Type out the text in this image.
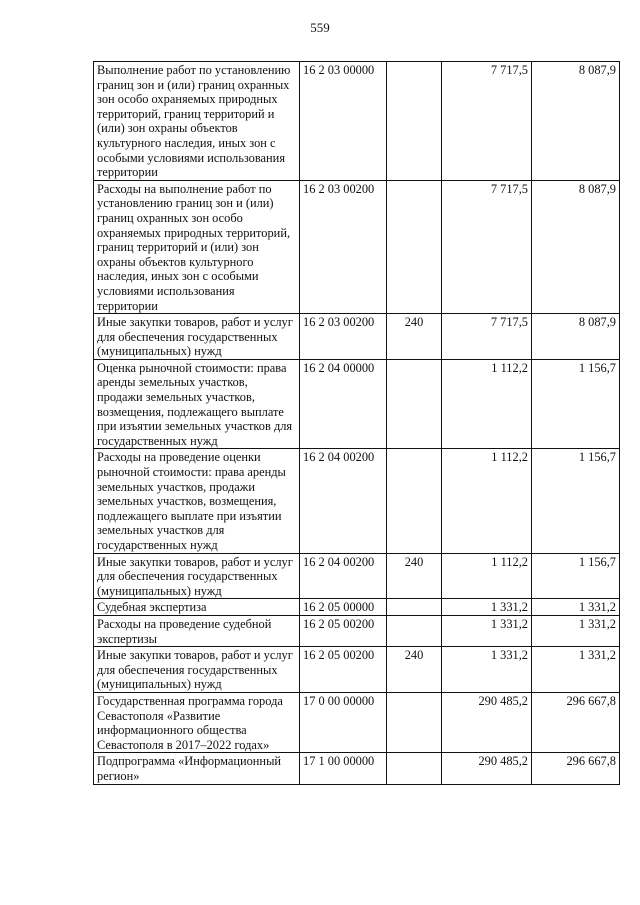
559
Выполнение работ по установлению границ зон и (или) границ охранных зон особо охраняемых природных территорий, границ территорий и (или) зон охраны объектов культурного наследия, иных зон с особыми условиями использования территории	16 2 03 00000		7 717,5	8 087,9
Расходы на выполнение работ по установлению границ зон и (или) границ охранных зон особо охраняемых природных территорий, границ территорий и (или) зон охраны объектов культурного наследия, иных зон с особыми условиями использования территории	16 2 03 00200		7 717,5	8 087,9
Иные закупки товаров, работ и услуг для обеспечения государственных (муниципальных) нужд	16 2 03 00200	240	7 717,5	8 087,9
Оценка рыночной стоимости: права аренды земельных участков, продажи земельных участков, возмещения, подлежащего выплате при изъятии земельных участков для государственных нужд	16 2 04 00000		1 112,2	1 156,7
Расходы на проведение оценки рыночной стоимости: права аренды земельных участков, продажи земельных участков, возмещения, подлежащего выплате при изъятии земельных участков для государственных нужд	16 2 04 00200		1 112,2	1 156,7
Иные закупки товаров, работ и услуг для обеспечения государственных (муниципальных) нужд	16 2 04 00200	240	1 112,2	1 156,7
Судебная экспертиза	16 2 05 00000		1 331,2	1 331,2
Расходы на проведение судебной экспертизы	16 2 05 00200		1 331,2	1 331,2
Иные закупки товаров, работ и услуг для обеспечения государственных (муниципальных) нужд	16 2 05 00200	240	1 331,2	1 331,2
Государственная программа города Севастополя «Развитие информационного общества Севастополя в 2017–2022 годах»	17 0 00 00000		290 485,2	296 667,8
Подпрограмма «Информационный регион»	17 1 00 00000		290 485,2	296 667,8
